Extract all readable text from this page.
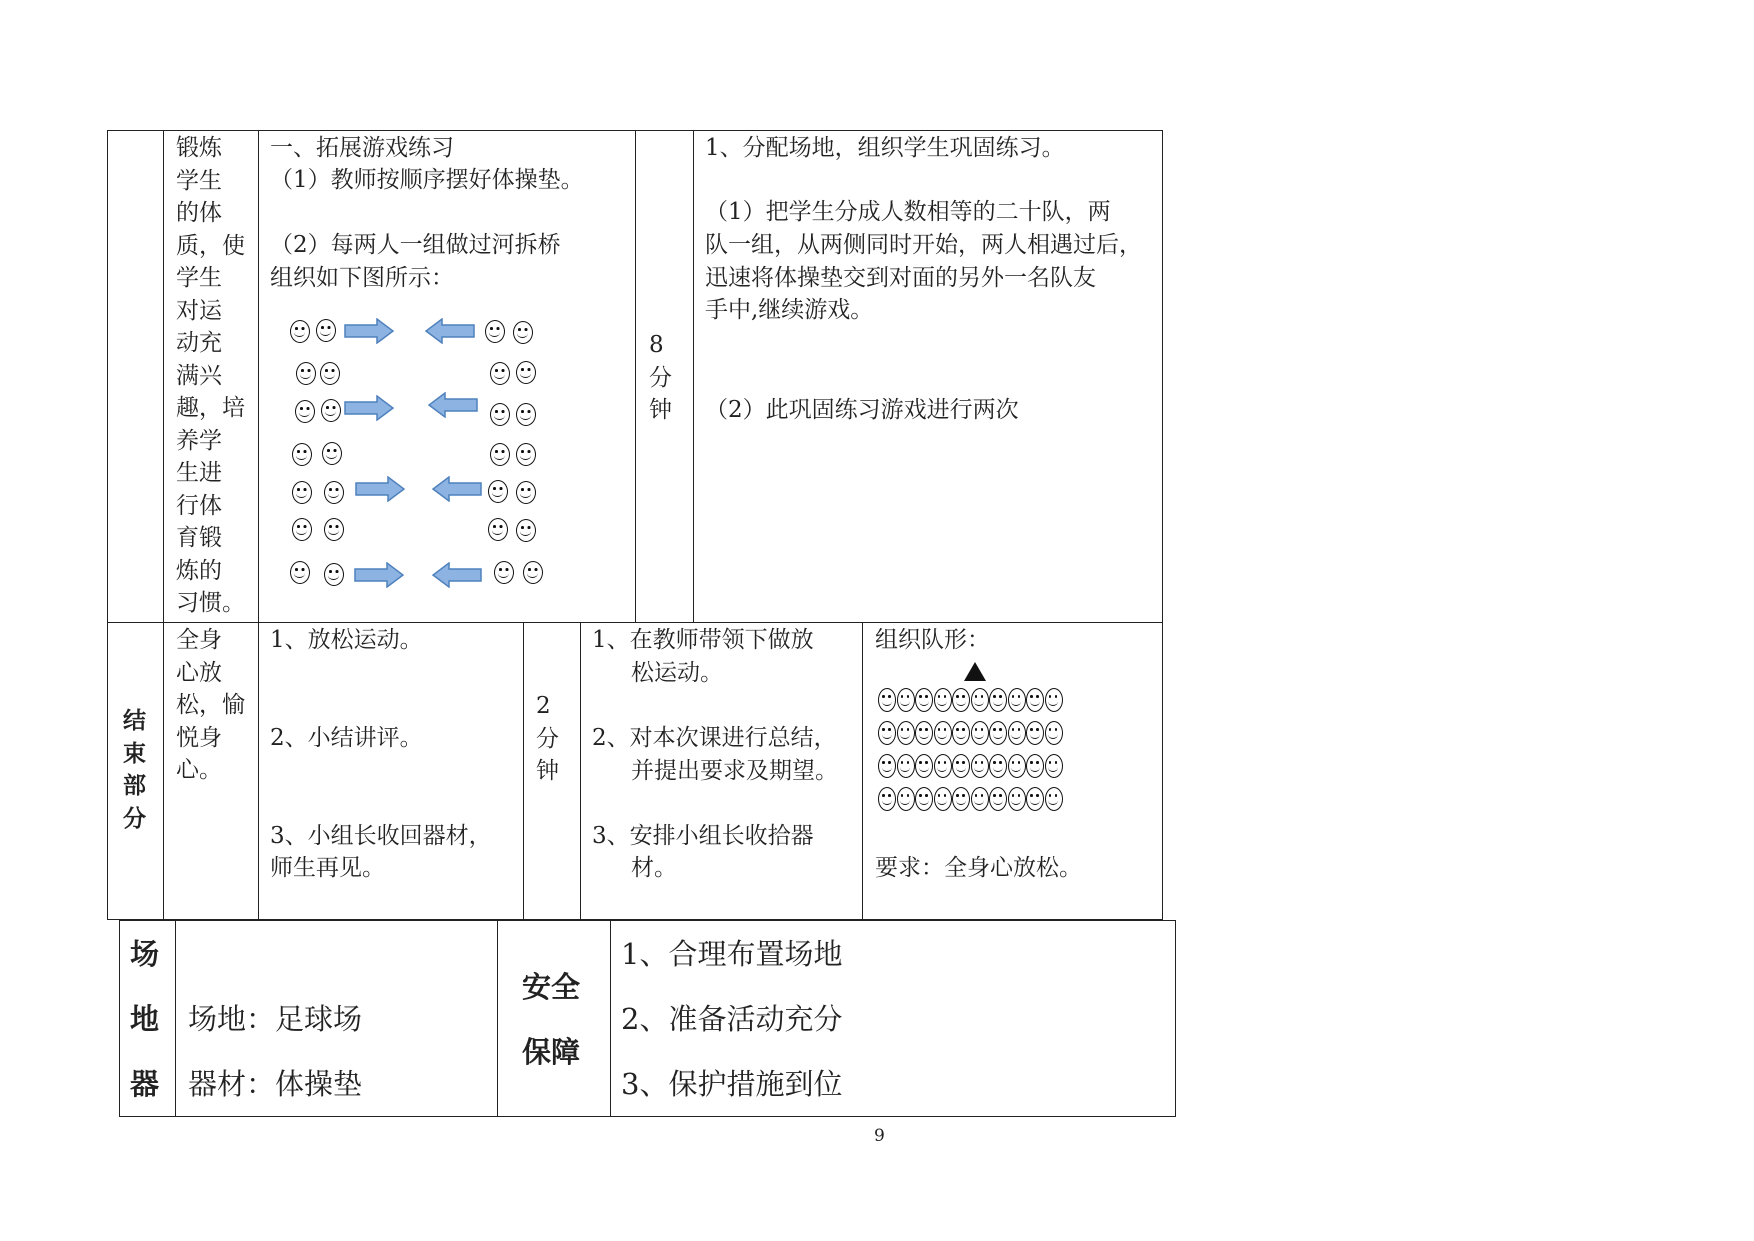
锻炼
学生
的体
质，使
学生
对运
动充
满兴
趣，培
养学
生进
行体
育锻
炼的
习惯。
一、拓展游戏练习
（1）教师按顺序摆好体操垫。
（2）每两人一组做过河拆桥
组织如下图所示：
8
分
钟
1、分配场地，组织学生巩固练习。
（1）把学生分成人数相等的二十队，两
队一组，从两侧同时开始，两人相遇过后，
迅速将体操垫交到对面的另外一名队友
手中,继续游戏。
（2）此巩固练习游戏进行两次
结
束
部
分
全身
心放
松，愉
悦身
心。
1、放松运动。
2、小结讲评。
3、小组长收回器材，
师生再见。
2
分
钟
1、在教师带领下做放
松运动。
2、对本次课进行总结，
并提出要求及期望。
3、安排小组长收拾器
材。
组织队形：
要求：全身心放松。
场
地
器
场地：足球场
器材：体操垫
安全
保障
1、合理布置场地
2、准备活动充分
3、保护措施到位
9
